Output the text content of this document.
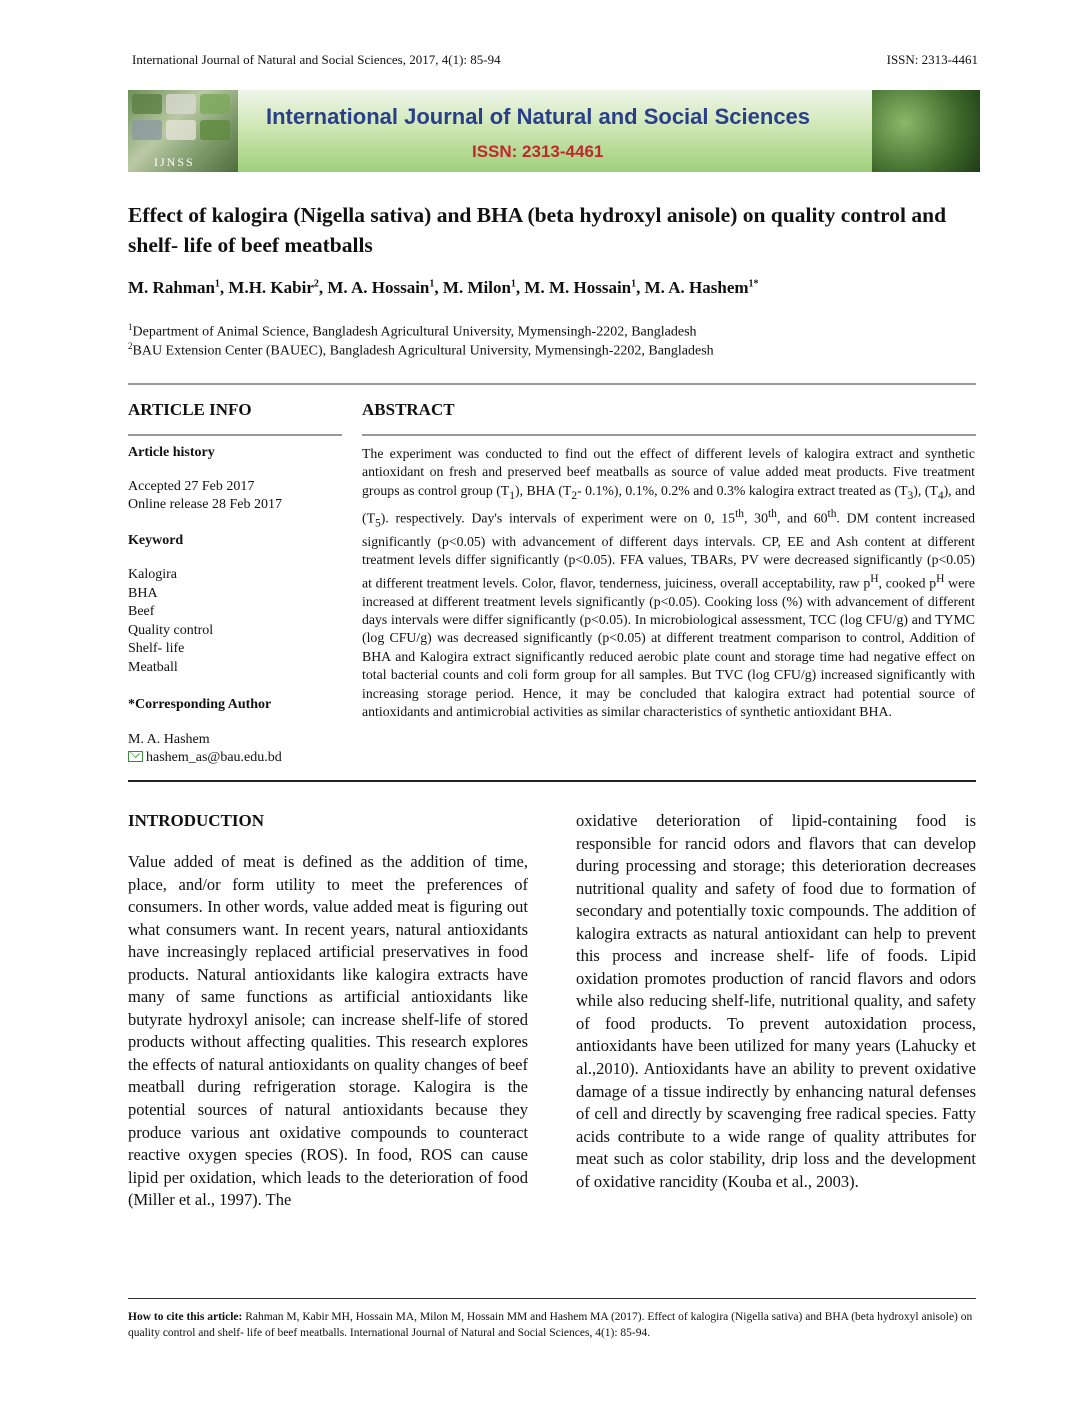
International Journal of Natural and Social Sciences, 2017, 4(1): 85-94	ISSN: 2313-4461
IJNSS
International Journal of Natural and Social Sciences
ISSN: 2313-4461
Effect of kalogira (Nigella sativa) and BHA (beta hydroxyl anisole) on quality control and shelf- life of beef meatballs
M. Rahman$^1$, M.H. Kabir$^2$, M. A. Hossain$^1$, M. Milon$^1$, M. M. Hossain$^1$, M. A. Hashem$^{1*}$
$^1$Department of Animal Science, Bangladesh Agricultural University, Mymensingh-2202, Bangladesh
$^2$BAU Extension Center (BAUEC), Bangladesh Agricultural University, Mymensingh-2202, Bangladesh
ARTICLE INFO
Article history
Accepted 27 Feb 2017
Online release 28 Feb 2017
Keyword
Kalogira
BHA
Beef
Quality control
Shelf- life
Meatball
*Corresponding Author
M. A. Hashem
hashem_as@bau.edu.bd
ABSTRACT
The experiment was conducted to find out the effect of different levels of kalogira extract and synthetic antioxidant on fresh and preserved beef meatballs as source of value added meat products. Five treatment groups as control group $(T_1)$, BHA ($T_2-$ 0.1%), 0.1%, 0.2% and 0.3% kalogira extract treated as $(T_3)$, $(T_4)$, and $(T_5)$. respectively. Day's intervals of experiment were on 0, 15th, 30th, and 60th. DM content increased significantly (p<0.05) with advancement of different days intervals. CP, EE and Ash content at different treatment levels differ significantly (p<0.05). FFA values, TBARs, PV were decreased significantly (p<0.05) at different treatment levels. Color, flavor, tenderness, juiciness, overall acceptability, raw $p^H$, cooked $p^H$ were increased at different treatment levels significantly (p<0.05). Cooking loss (%) with advancement of different days intervals were differ significantly (p<0.05). In microbiological assessment, TCC (log CFU/g) and TYMC (log CFU/g) was decreased significantly (p<0.05) at different treatment comparison to control, Addition of BHA and Kalogira extract significantly reduced aerobic plate count and storage time had negative effect on total bacterial counts and coli form group for all samples. But TVC (log CFU/g) increased significantly with increasing storage period. Hence, it may be concluded that kalogira extract had potential source of antioxidants and antimicrobial activities as similar characteristics of synthetic antioxidant BHA.
INTRODUCTION
Value added of meat is defined as the addition of time, place, and/or form utility to meet the preferences of consumers. In other words, value added meat is figuring out what consumers want. In recent years, natural antioxidants have increasingly replaced artificial preservatives in food products. Natural antioxidants like kalogira extracts have many of same functions as artificial antioxidants like butyrate hydroxyl anisole; can increase shelf-life of stored products without affecting qualities. This research explores the effects of natural antioxidants on quality changes of beef meatball during refrigeration storage. Kalogira is the potential sources of natural antioxidants because they produce various ant oxidative compounds to counteract reactive oxygen species (ROS). In food, ROS can cause lipid per oxidation, which leads to the deterioration of food (Miller et al., 1997). The
oxidative deterioration of lipid-containing food is responsible for rancid odors and flavors that can develop during processing and storage; this deterioration decreases nutritional quality and safety of food due to formation of secondary and potentially toxic compounds. The addition of kalogira extracts as natural antioxidant can help to prevent this process and increase shelf- life of foods. Lipid oxidation promotes production of rancid flavors and odors while also reducing shelf-life, nutritional quality, and safety of food products. To prevent autoxidation process, antioxidants have been utilized for many years (Lahucky et al.,2010). Antioxidants have an ability to prevent oxidative damage of a tissue indirectly by enhancing natural defenses of cell and directly by scavenging free radical species. Fatty acids contribute to a wide range of quality attributes for meat such as color stability, drip loss and the development of oxidative rancidity (Kouba et al., 2003).
How to cite this article: Rahman M, Kabir MH, Hossain MA, Milon M, Hossain MM and Hashem MA (2017). Effect of kalogira (Nigella sativa) and BHA (beta hydroxyl anisole) on quality control and shelf- life of beef meatballs. International Journal of Natural and Social Sciences, 4(1): 85-94.
